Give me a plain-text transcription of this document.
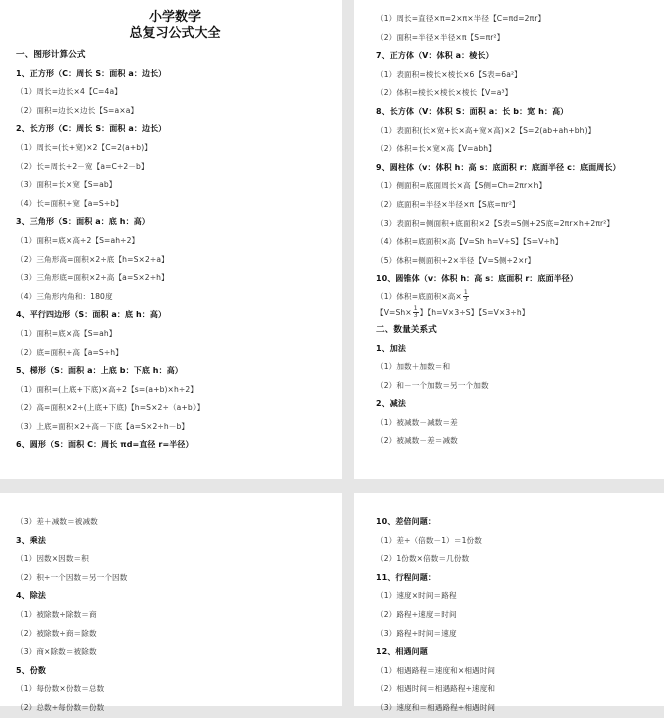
小学数学
总复习公式大全
一、图形计算公式
1、正方形（C：周长 S：面积 a：边长）
（1）周长=边长×4【C=4a】
（2）面积=边长×边长【S=a×a】
2、长方形（C：周长 S：面积 a：边长）
（1）周长=(长+宽)×2【C=2(a+b)】
（2）长=周长÷2－宽【a=C÷2－b】
（3）面积=长×宽【S=ab】
（4）长=面积÷宽【a=S÷b】
3、三角形（S：面积 a：底 h：高）
（1）面积=底×高÷2【S=ah÷2】
（2）三角形高=面积×2÷底【h=S×2÷a】
（3）三角形底=面积×2÷高【a=S×2÷h】
（4）三角形内角和：180度
4、平行四边形（S：面积 a：底 h：高）
（1）面积=底×高【S=ah】
（2）底=面积÷高【a=S÷h】
5、梯形（S：面积 a：上底 b：下底 h：高）
（1）面积=(上底+下底)×高÷2【s=(a+b)×h÷2】
（2）高=面积×2÷(上底+下底)【h=S×2÷（a+b）】
（3）上底=面积×2÷高－下底【a=S×2÷h－b】
6、圆形（S：面积 C：周长 πd=直径 r=半径）
（1）周长=直径×π=2×π×半径【C=πd=2πr】
（2）面积=半径×半径×π【S=πr²】
7、正方体（V：体积 a：棱长）
（1）表面积=棱长×棱长×6【S表=6a²】
（2）体积=棱长×棱长×棱长【V=a³】
8、长方体（V：体积 S：面积 a：长 b：宽 h：高）
（1）表面积(长×宽+长×高+宽×高)×2【S=2(ab+ah+bh)】
（2）体积=长×宽×高【V=abh】
9、圆柱体（v：体积 h：高 s：底面积 r：底面半径 c：底面周长）
（1）侧面积=底面周长×高【S侧=Ch=2πr×h】
（2）底面积=半径×半径×π【S底=πr²】
（3）表面积=侧面积+底面积×2【S表=S侧+2S底=2πr×h+2πr²】
（4）体积=底面积×高【V=Sh h=V÷S】【S=V÷h】
（5）体积=侧面积÷2×半径【V=S侧÷2×r】
10、圆锥体（v：体积 h：高 s：底面积 r：底面半径）
（1）体积=底面积×高× $\frac{1}{3}$
【$V=Sh\times \frac{1}{3}$ 】【h=V×3÷S】【S=V×3÷h】
二、数量关系式
1、加法
（1）加数＋加数＝和
（2）和－一个加数＝另一个加数
2、减法
（1）被减数－减数＝差
（2）被减数－差＝减数
（3）差＋减数＝被减数
3、乘法
（1）因数×因数＝积
（2）积÷一个因数＝另一个因数
4、除法
（1）被除数÷除数＝商
（2）被除数÷商＝除数
（3）商×除数＝被除数
5、份数
（1）每份数×份数＝总数
（2）总数÷每份数＝份数
10、差倍问题：
（1）差÷（倍数－1）＝1份数
（2）1份数×倍数＝几份数
11、行程问题：
（1）速度×时间＝路程
（2）路程÷速度＝时间
（3）路程÷时间＝速度
12、相遇问题
（1）相遇路程＝速度和×相遇时间
（2）相遇时间＝相遇路程÷速度和
（3）速度和＝相遇路程÷相遇时间
